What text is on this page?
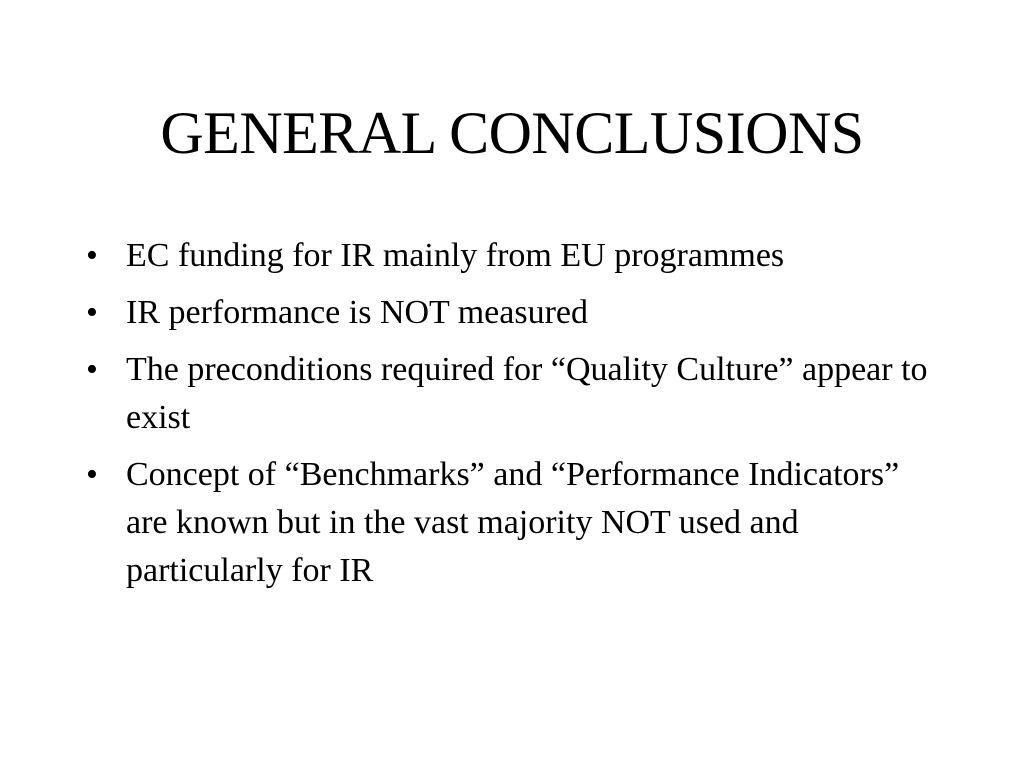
GENERAL CONCLUSIONS
• EC funding for IR mainly from EU programmes
• IR performance is NOT measured
• The preconditions required for “Quality Culture” appear to exist
• Concept of “Benchmarks” and “Performance Indicators” are known but in the vast majority NOT used and particularly for IR
